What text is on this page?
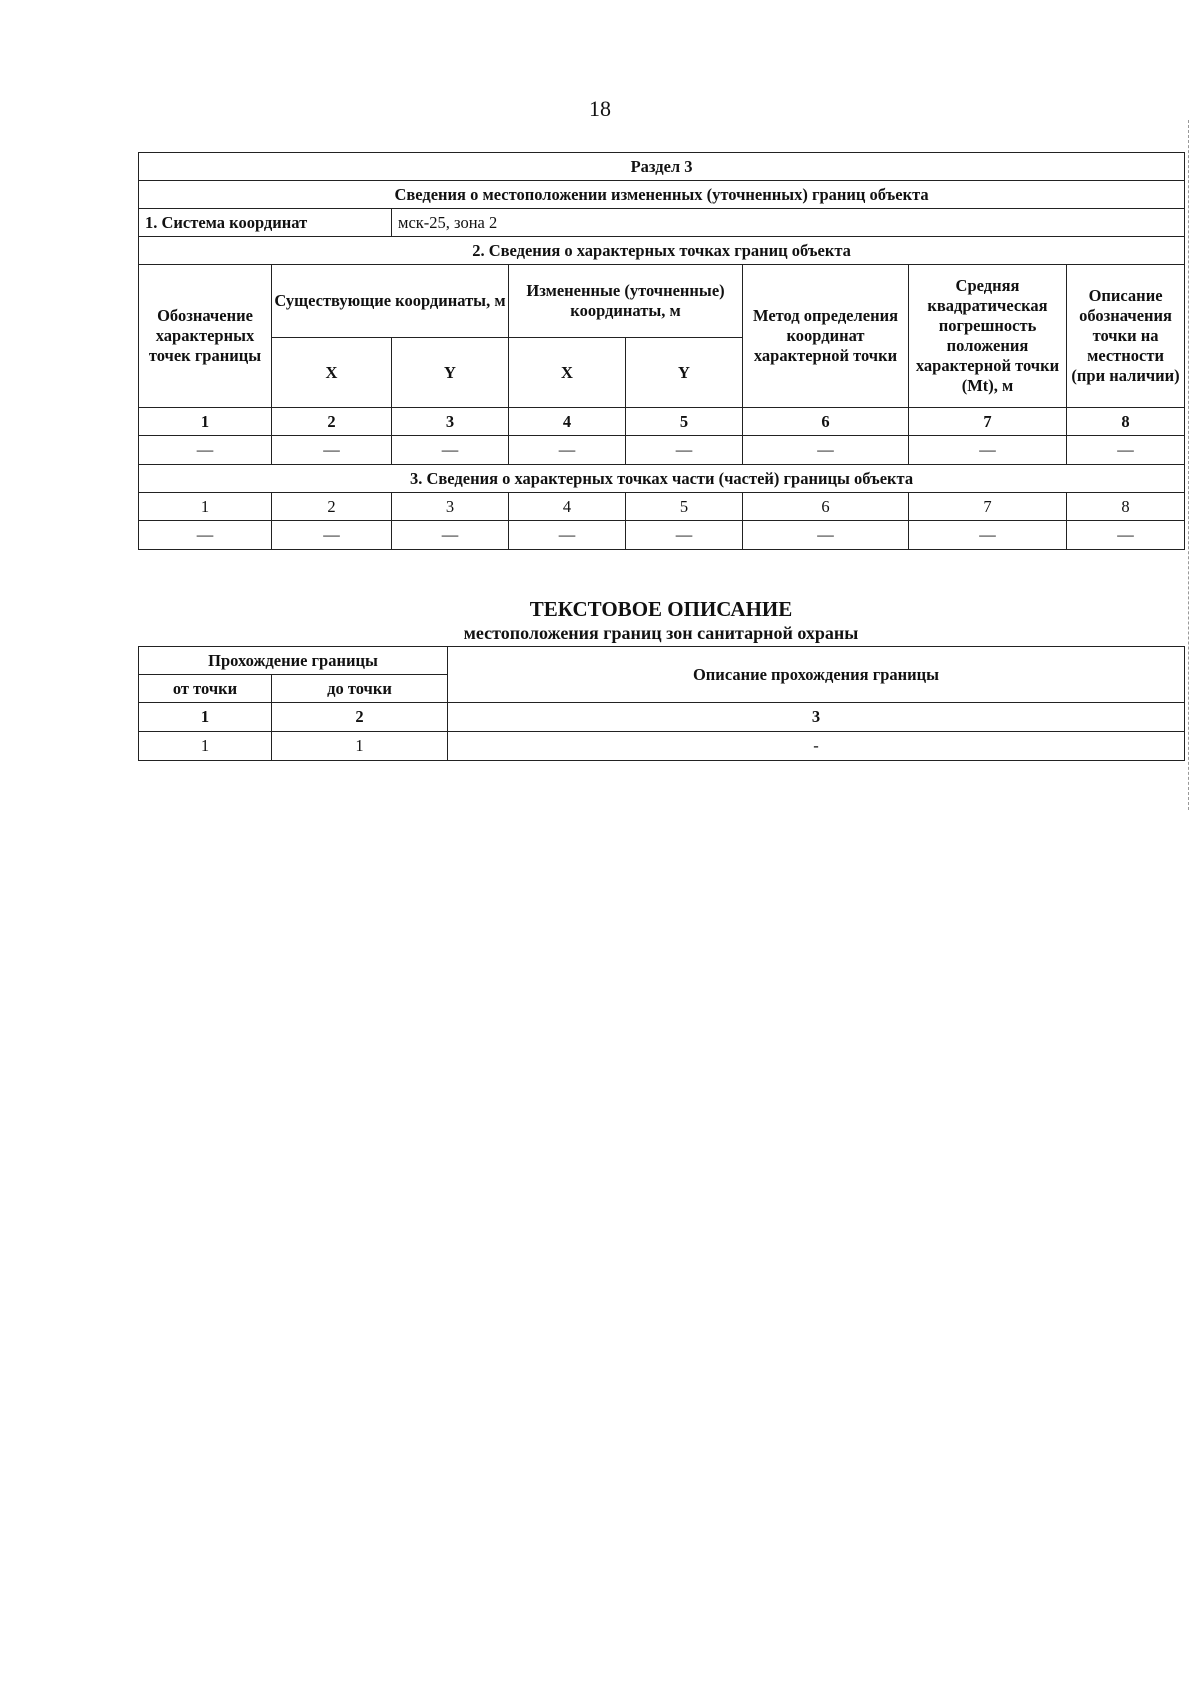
18
Раздел 3							
Сведения о местоположении измененных (уточненных) границ объекта							
1. Система координат		мск-25, зона 2					
2. Сведения о характерных точках границ объекта							
Обозначение характерных точек границы	Существующие координаты, м		Измененные (уточненные) координаты, м		Метод определения координат характерной точки	Средняя квадратическая погрешность положения характерной точки (Mt), м	Описание обозначения точки на местности (при наличии)
	X	Y	X	Y			
1	2	3	4	5	6	7	8
—	—	—	—	—	—	—	—
3. Сведения о характерных точках части (частей) границы объекта							
1	2	3	4	5	6	7	8
—	—	—	—	—	—	—	—
ТЕКСТОВОЕ ОПИСАНИЕ
местоположения границ зон санитарной охраны
Прохождение границы		Описание прохождения границы
от точки	до точки	
1	2	3
1	1	-
